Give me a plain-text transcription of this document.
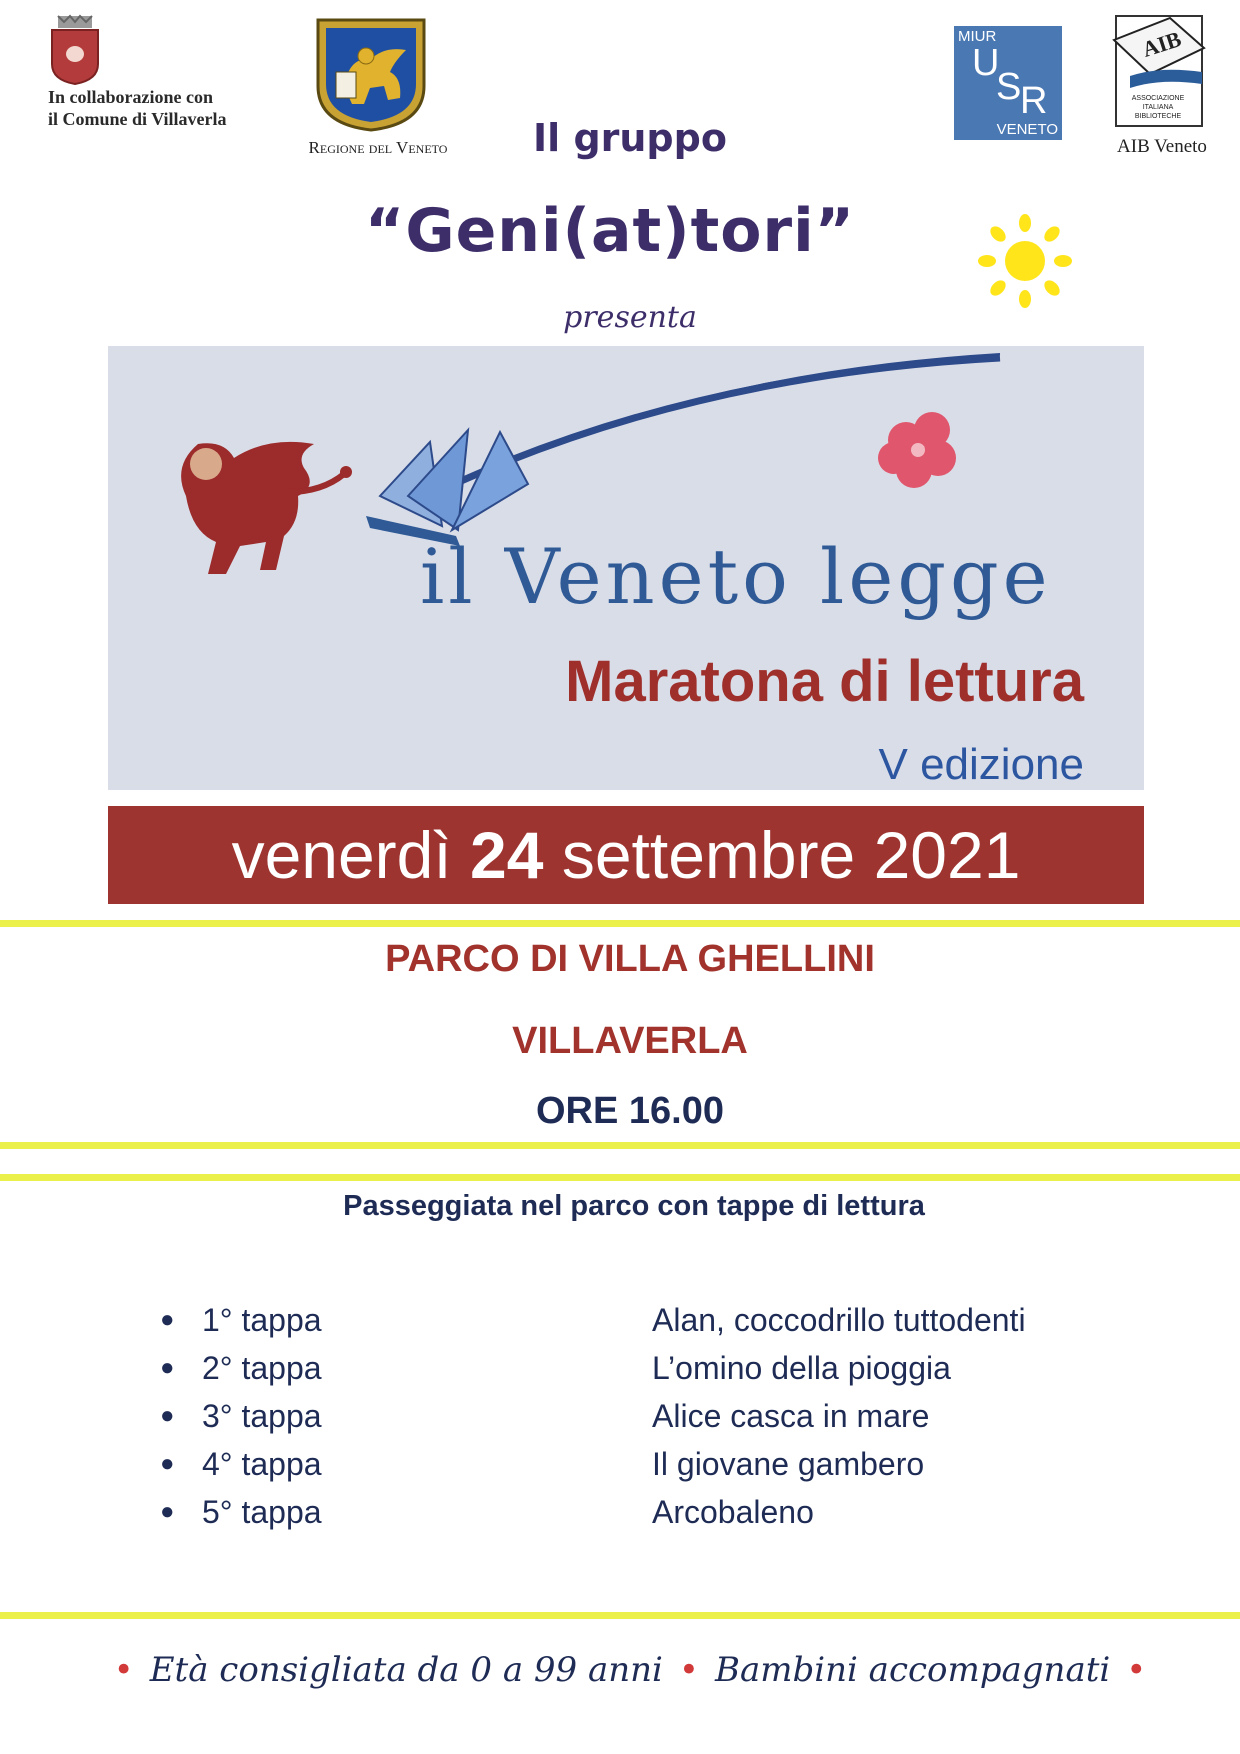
In collaborazione con
il Comune di Villaverla
Regione del Veneto	Il gruppo
MIUR
U
S
R
VENETO
AIB
ASSOCIAZIONE
ITALIANA
BIBLIOTECHE
AIB Veneto
“Geni(at)tori”
presenta
il Veneto legge
Maratona di lettura
V edizione
venerdì
24
settembre 2021
PARCO DI VILLA GHELLINI
VILLAVERLA
ORE 16.00
Passeggiata nel parco con tappe di lettura
● 1° tappa	Alan, coccodrillo tuttodenti
● 2° tappa	L’omino della pioggia
● 3° tappa	Alice casca in mare
● 4° tappa	Il giovane gambero
● 5° tappa	Arcobaleno
• Età consigliata da 0 a 99 anni • Bambini accompagnati •
